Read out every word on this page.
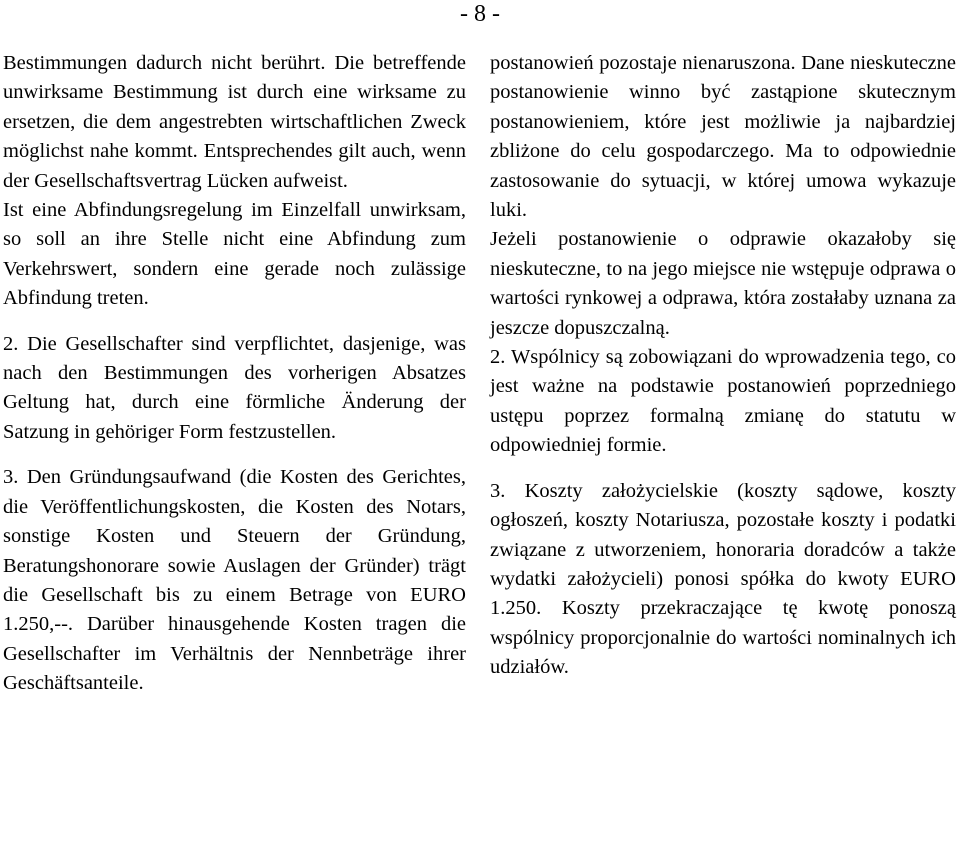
- 8 -

Bestimmungen dadurch nicht berührt. Die betreffende unwirksame Bestimmung ist durch eine wirksame zu ersetzen, die dem angestrebten wirtschaftlichen Zweck möglichst nahe kommt. Entsprechendes gilt auch, wenn der Gesellschaftsvertrag Lücken aufweist.

Ist eine Abfindungsregelung im Einzelfall unwirksam, so soll an ihre Stelle nicht eine Abfindung zum Verkehrswert, sondern eine gerade noch zulässige Abfindung treten.

2. Die Gesellschafter sind verpflichtet, dasjenige, was nach den Bestimmungen des vorherigen Absatzes Geltung hat, durch eine förmliche Änderung der Satzung in gehöriger Form festzustellen.

3. Den Gründungsaufwand (die Kosten des Gerichtes, die Veröffentlichungskosten, die Kosten des Notars, sonstige Kosten und Steuern der Gründung, Beratungshonorare sowie Auslagen der Gründer) trägt die Gesellschaft bis zu einem Betrage von EURO 1.250,--. Darüber hinausgehende Kosten tragen die Gesellschafter im Verhältnis der Nennbeträge ihrer Geschäftsanteile.

postanowień pozostaje nienaruszona. Dane nieskuteczne postanowienie winno być zastąpione skutecznym postanowieniem, które jest możliwie ja najbardziej zbliżone do celu gospodarczego. Ma to odpowiednie zastosowanie do sytuacji, w której umowa wykazuje luki.

Jeżeli postanowienie o odprawie okazałoby się nieskuteczne, to na jego miejsce nie wstępuje odprawa o wartości rynkowej a odprawa, która zostałaby uznana za jeszcze dopuszczalną.

2. Wspólnicy są zobowiązani do wprowadzenia tego, co jest ważne na podstawie postanowień poprzedniego ustępu poprzez formalną zmianę do statutu w odpowiedniej formie.

3. Koszty założycielskie (koszty sądowe, koszty ogłoszeń, koszty Notariusza, pozostałe koszty i podatki związane z utworzeniem, honoraria doradców a także wydatki założycieli) ponosi spółka do kwoty EURO 1.250. Koszty przekraczające tę kwotę ponoszą wspólnicy proporcjonalnie do wartości nominalnych ich udziałów.
